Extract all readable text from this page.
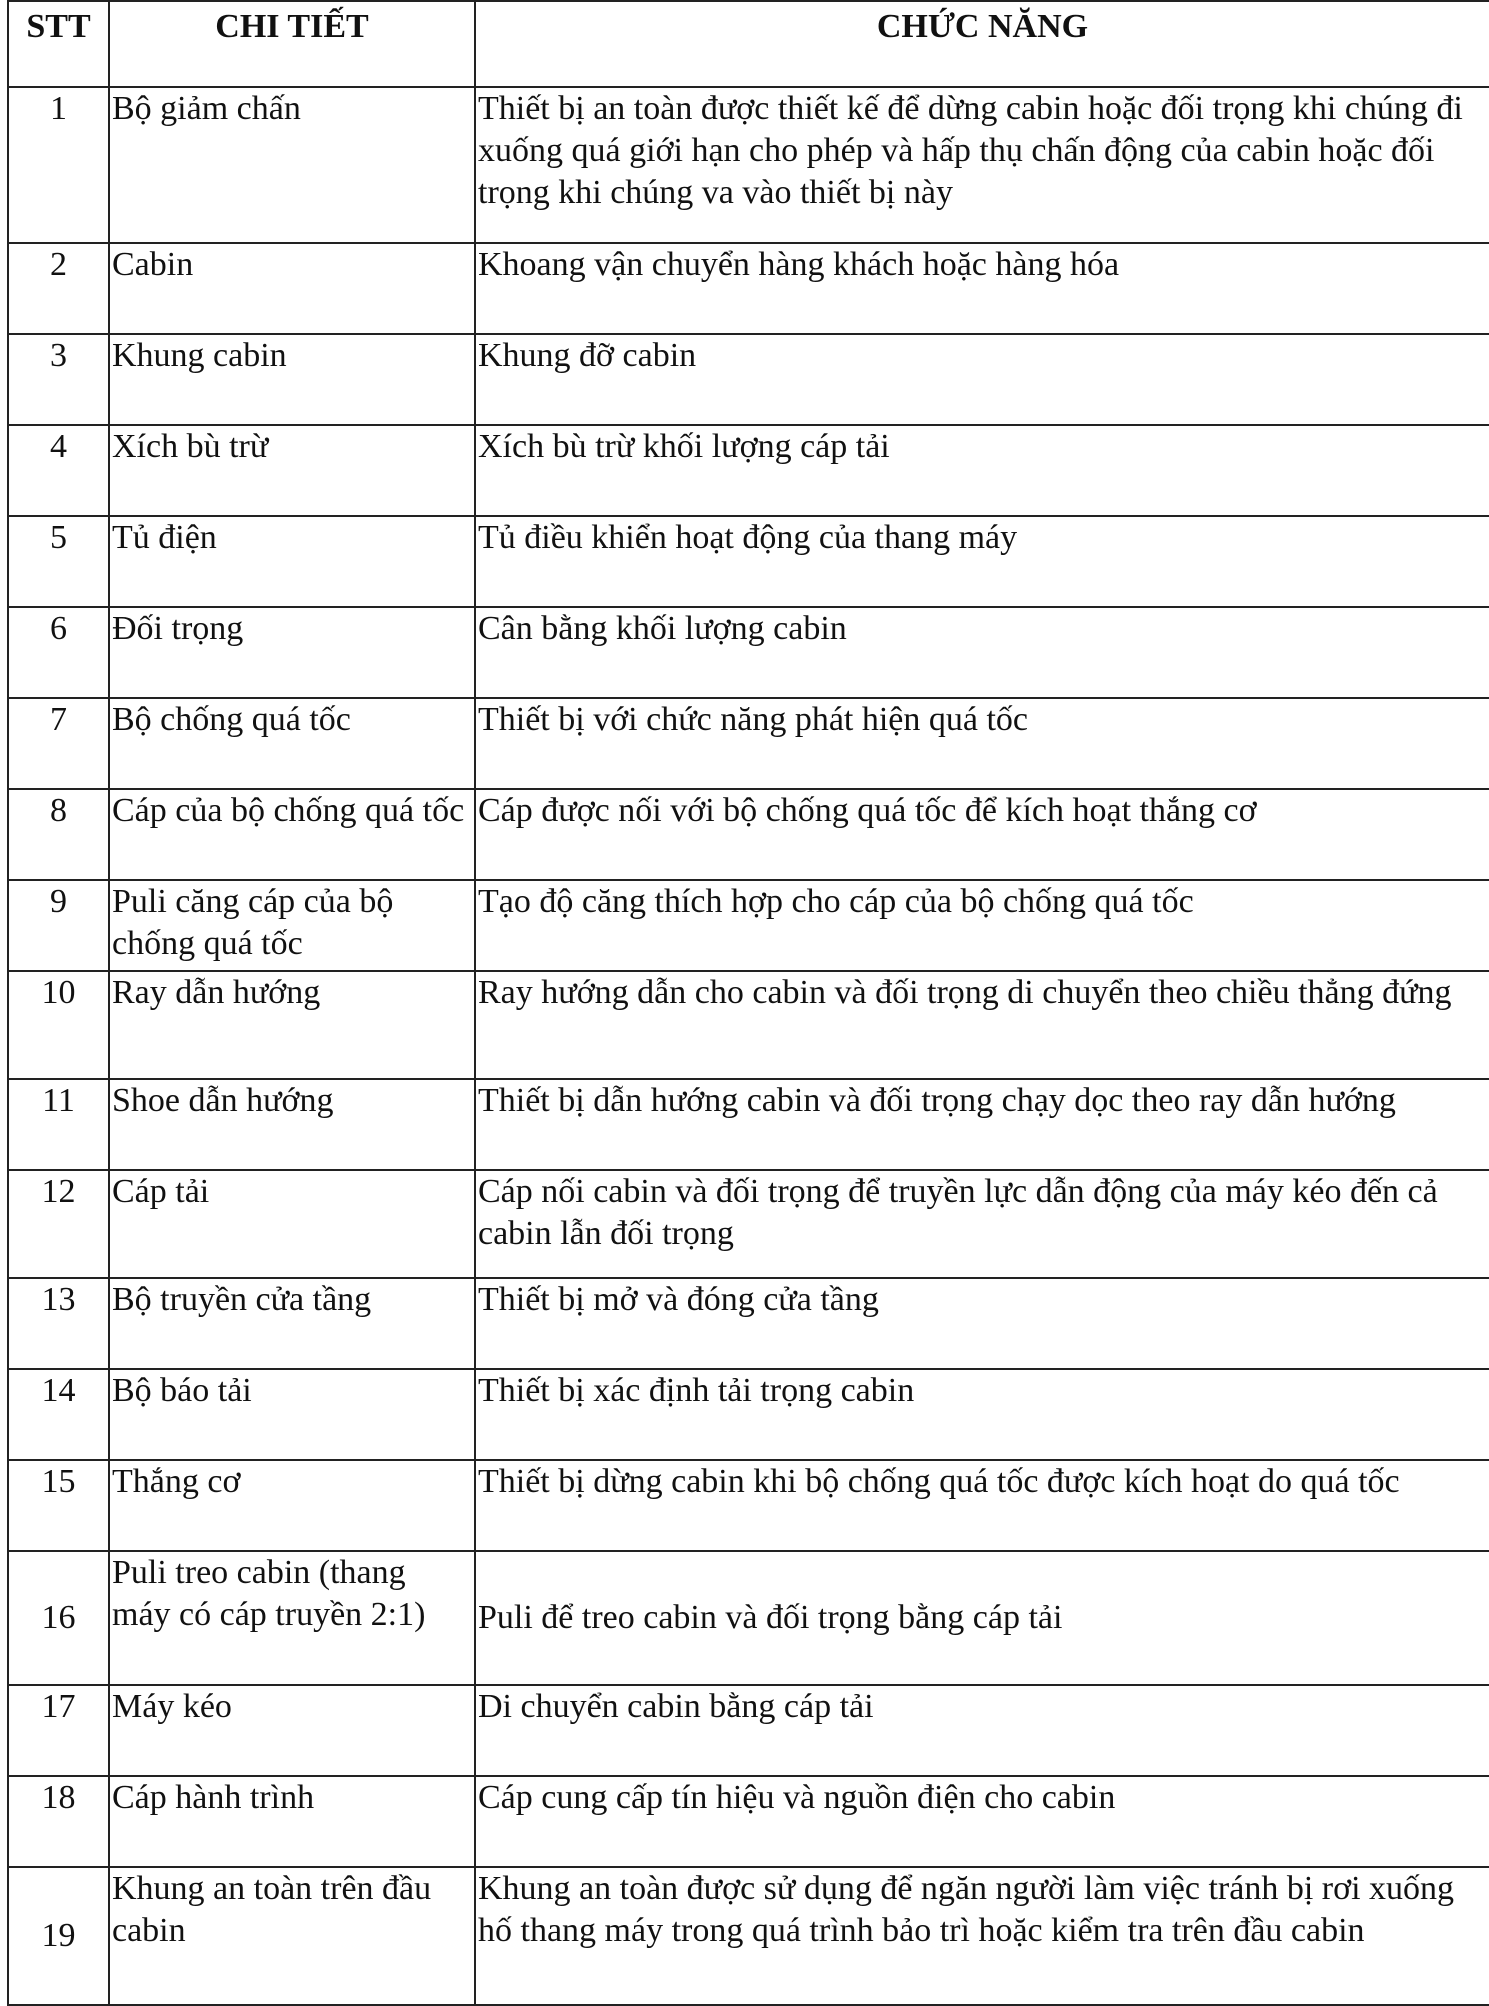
STT	CHI TIẾT	CHỨC NĂNG
1	Bộ giảm chấn	Thiết bị an toàn được thiết kế để dừng cabin hoặc đối trọng khi chúng đi xuống quá giới hạn cho phép và hấp thụ chấn động của cabin hoặc đối trọng khi chúng va vào thiết bị này
2	Cabin	Khoang vận chuyển hàng khách hoặc hàng hóa
3	Khung cabin	Khung đỡ cabin
4	Xích bù trừ	Xích bù trừ khối lượng cáp tải
5	Tủ điện	Tủ điều khiển hoạt động của thang máy
6	Đối trọng	Cân bằng khối lượng cabin
7	Bộ chống quá tốc	Thiết bị với chức năng phát hiện quá tốc
8	Cáp của bộ chống quá tốc	Cáp được nối với bộ chống quá tốc để kích hoạt thắng cơ
9	Puli căng cáp của bộ chống quá tốc	Tạo độ căng thích hợp cho cáp của bộ chống quá tốc
10	Ray dẫn hướng	Ray hướng dẫn cho cabin và đối trọng di chuyển theo chiều thẳng đứng
11	Shoe dẫn hướng	Thiết bị dẫn hướng cabin và đối trọng chạy dọc theo ray dẫn hướng
12	Cáp tải	Cáp nối cabin và đối trọng để truyền lực dẫn động của máy kéo đến cả cabin lẫn đối trọng
13	Bộ truyền cửa tầng	Thiết bị mở và đóng cửa tầng
14	Bộ báo tải	Thiết bị xác định tải trọng cabin
15	Thắng cơ	Thiết bị dừng cabin khi bộ chống quá tốc được kích hoạt do quá tốc
16	Puli treo cabin (thang máy có cáp truyền 2:1)	Puli để treo cabin và đối trọng bằng cáp tải
17	Máy kéo	Di chuyển cabin bằng cáp tải
18	Cáp hành trình	Cáp cung cấp tín hiệu và nguồn điện cho cabin
19	Khung an toàn trên đầu cabin	Khung an toàn được sử dụng để ngăn người làm việc tránh bị rơi xuống hố thang máy trong quá trình bảo trì hoặc kiểm tra trên đầu cabin
